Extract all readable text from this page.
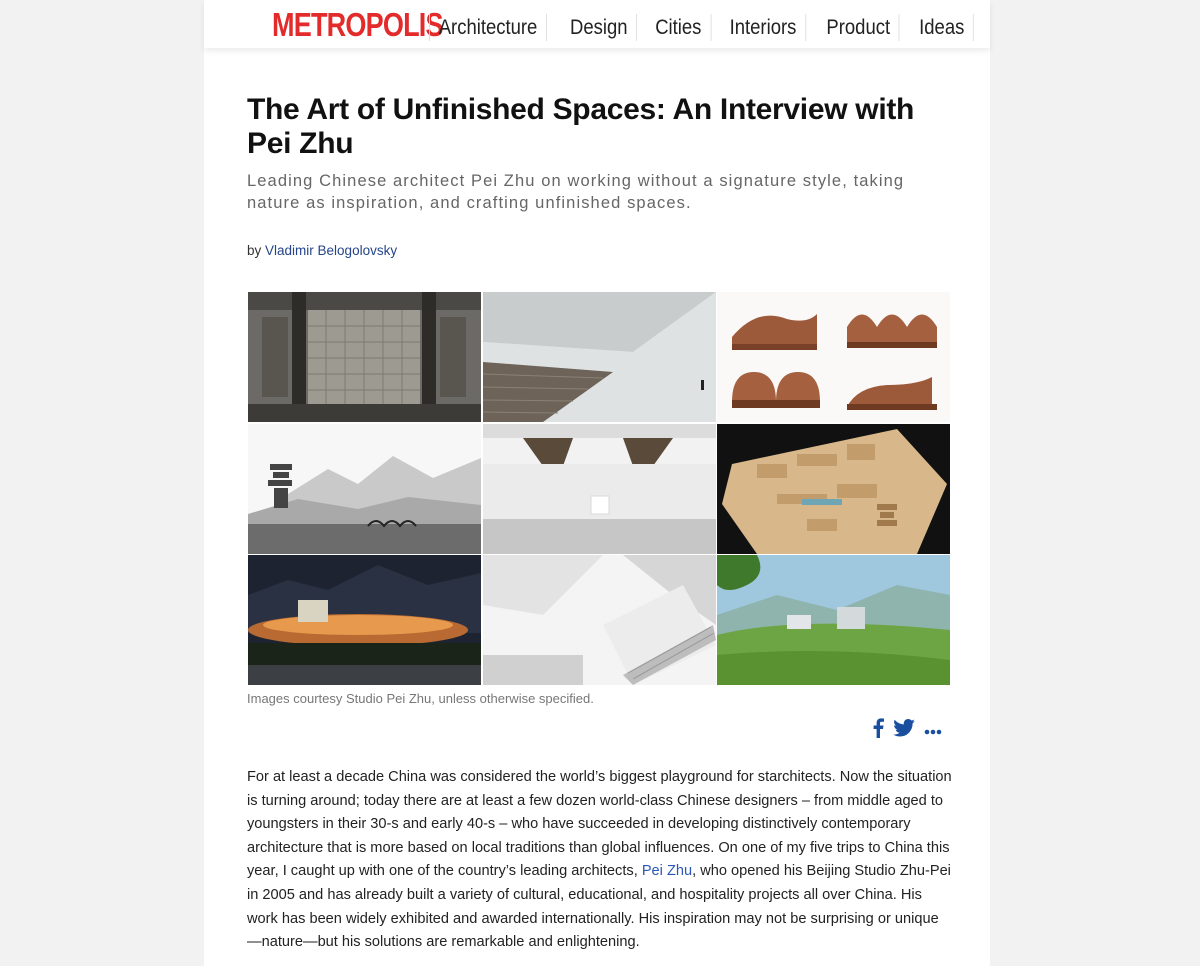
METROPOLIS
Architecture	Design	Cities	Interiors	Product	Ideas
The Art of Unfinished Spaces: An Interview with Pei Zhu
Leading Chinese architect Pei Zhu on working without a signature style, taking nature as inspiration, and crafting unfinished spaces.
by Vladimir Belogolovsky
Images courtesy Studio Pei Zhu, unless otherwise specified.

For at least a decade China was considered the world’s biggest playground for starchitects. Now the situation is turning around; today there are at least a few dozen world-class Chinese designers – from middle aged to youngsters in their 30-s and early 40-s – who have succeeded in developing distinctively contemporary architecture that is more based on local traditions than global influences. On one of my five trips to China this year, I caught up with one of the country’s leading architects, Pei Zhu, who opened his Beijing Studio Zhu-Pei in 2005 and has already built a variety of cultural, educational, and hospitality projects all over China. His work has been widely exhibited and awarded internationally. His inspiration may not be surprising or unique—nature—but his solutions are remarkable and enlightening.
